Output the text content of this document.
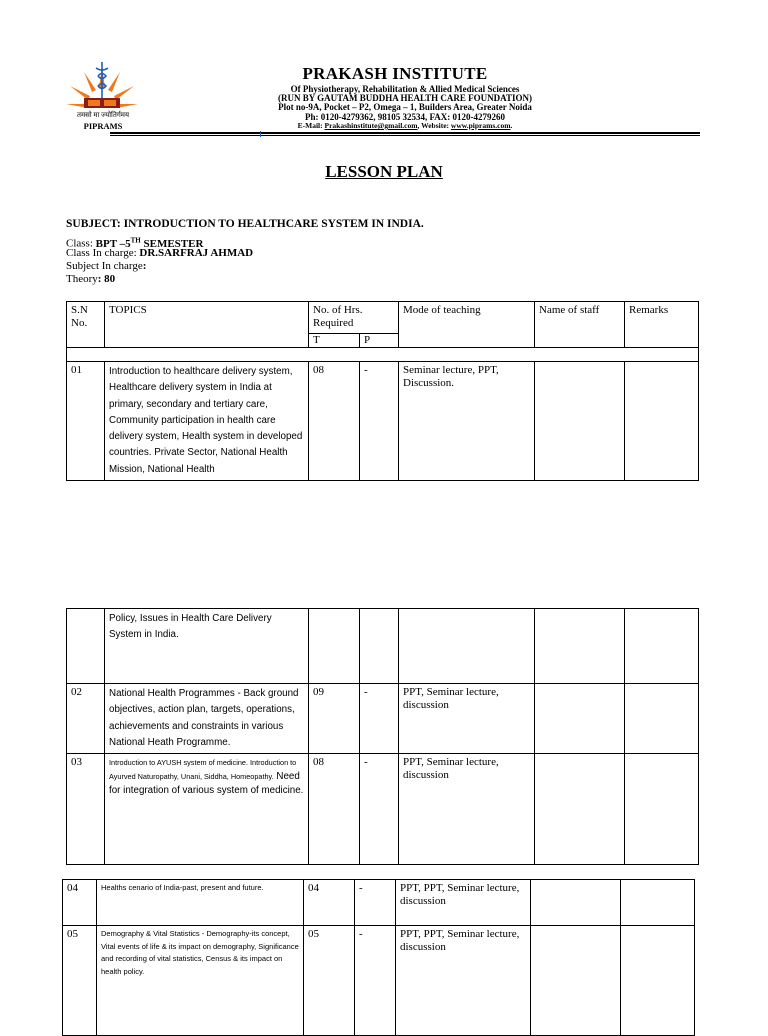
तमसो मा ज्योतिर्गमय
PIPRAMS
PRAKASH INSTITUTE
Of Physiotherapy, Rehabilitation & Allied Medical Sciences
(RUN BY GAUTAM BUDDHA HEALTH CARE FOUNDATION)
Plot no-9A, Pocket – P2, Omega – 1, Builders Area, Greater Noida
Ph: 0120-4279362, 98105 32534, FAX: 0120-4279260
E-Mail: Prakashinstitute@gmail.com, Website: www.piprams.com.
LESSON PLAN
SUBJECT: INTRODUCTION TO HEALTHCARE SYSTEM IN INDIA.
Class: BPT –5TH SEMESTER
Class In charge: DR.SARFRAJ AHMAD
Subject In charge:
Theory: 80
S.N No.	TOPICS	No. of Hrs. Required		Mode of teaching	Name of staff	Remarks
		T	P			

01	Introduction to healthcare delivery system, Healthcare delivery system in India at primary, secondary and tertiary care, Community participation in health care delivery system, Health system in developed countries. Private Sector, National Health Mission, National Health	08	-	Seminar lecture, PPT, Discussion.		
	Policy, Issues in Health Care Delivery System in India.					
02	National Health Programmes - Back ground objectives, action plan, targets, operations, achievements and constraints in various National Heath Programme.	09	-	PPT, Seminar lecture, discussion		
03	Introduction to AYUSH system of medicine. Introduction to Ayurved Naturopathy, Unani, Siddha, Homeopathy. Need for integration of various system of medicine.	08	-	PPT, Seminar lecture, discussion		
04	Healths cenario of India-past, present and future.	04	-	PPT, PPT, Seminar lecture, discussion		
05	Demography & Vital Statistics - Demography-its concept, Vital events of life & its impact on demography, Significance and recording of vital statistics, Census & its impact on health policy.	05	-	PPT, PPT, Seminar lecture, discussion		
